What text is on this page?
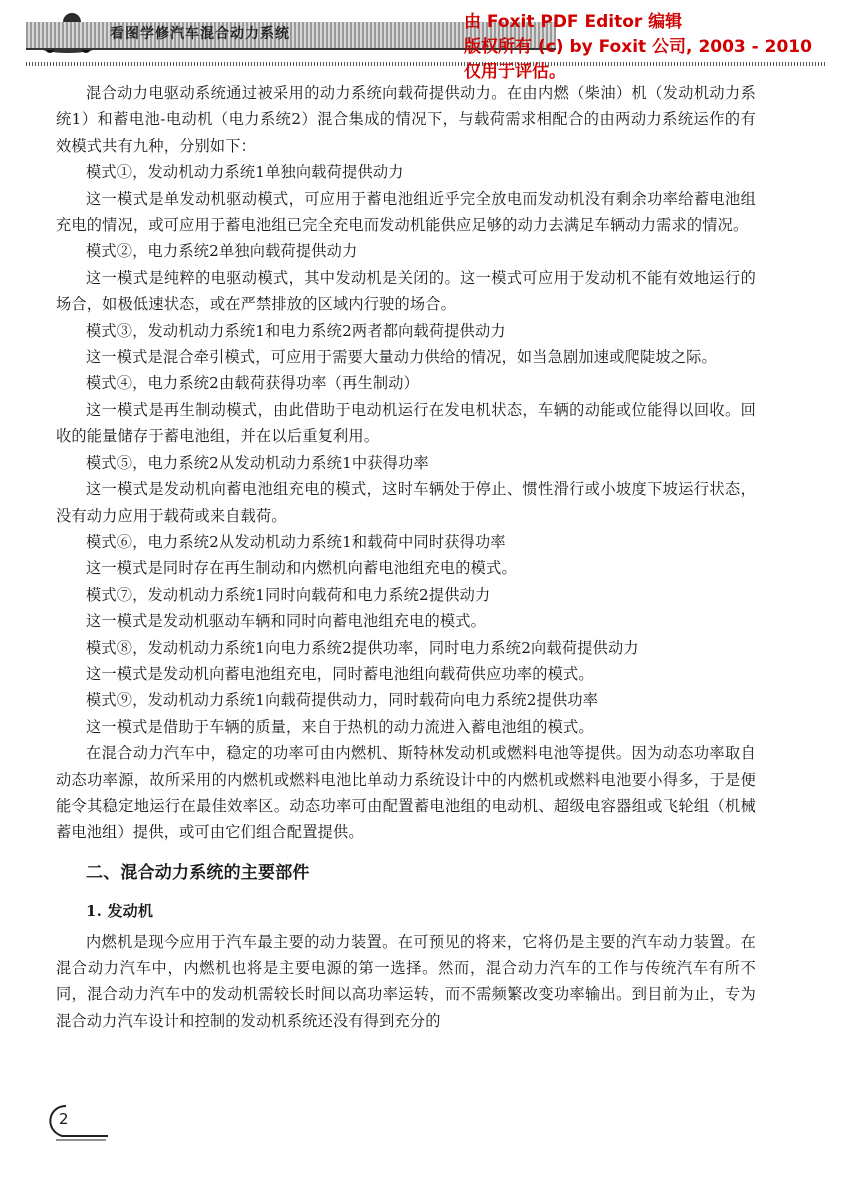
看图学修汽车混合动力系统
由 Foxit PDF Editor 编辑
版权所有 (c) by Foxit 公司, 2003 - 2010
仅用于评估。

混合动力电驱动系统通过被采用的动力系统向载荷提供动力。在由内燃（柴油）机（发动机动力系统1）和蓄电池-电动机（电力系统2）混合集成的情况下，与载荷需求相配合的由两动力系统运作的有效模式共有九种，分别如下：

模式①，发动机动力系统1单独向载荷提供动力

这一模式是单发动机驱动模式，可应用于蓄电池组近乎完全放电而发动机没有剩余功率给蓄电池组充电的情况，或可应用于蓄电池组已完全充电而发动机能供应足够的动力去满足车辆动力需求的情况。

模式②，电力系统2单独向载荷提供动力

这一模式是纯粹的电驱动模式，其中发动机是关闭的。这一模式可应用于发动机不能有效地运行的场合，如极低速状态，或在严禁排放的区域内行驶的场合。

模式③，发动机动力系统1和电力系统2两者都向载荷提供动力

这一模式是混合牵引模式，可应用于需要大量动力供给的情况，如当急剧加速或爬陡坡之际。

模式④，电力系统2由载荷获得功率（再生制动）

这一模式是再生制动模式，由此借助于电动机运行在发电机状态，车辆的动能或位能得以回收。回收的能量储存于蓄电池组，并在以后重复利用。

模式⑤，电力系统2从发动机动力系统1中获得功率

这一模式是发动机向蓄电池组充电的模式，这时车辆处于停止、惯性滑行或小坡度下坡运行状态，没有动力应用于载荷或来自载荷。

模式⑥，电力系统2从发动机动力系统1和载荷中同时获得功率

这一模式是同时存在再生制动和内燃机向蓄电池组充电的模式。

模式⑦，发动机动力系统1同时向载荷和电力系统2提供动力

这一模式是发动机驱动车辆和同时向蓄电池组充电的模式。

模式⑧，发动机动力系统1向电力系统2提供功率，同时电力系统2向载荷提供动力

这一模式是发动机向蓄电池组充电，同时蓄电池组向载荷供应功率的模式。

模式⑨，发动机动力系统1向载荷提供动力，同时载荷向电力系统2提供功率

这一模式是借助于车辆的质量，来自于热机的动力流进入蓄电池组的模式。

在混合动力汽车中，稳定的功率可由内燃机、斯特林发动机或燃料电池等提供。因为动态功率取自动态功率源，故所采用的内燃机或燃料电池比单动力系统设计中的内燃机或燃料电池要小得多，于是便能令其稳定地运行在最佳效率区。动态功率可由配置蓄电池组的电动机、超级电容器组或飞轮组（机械蓄电池组）提供，或可由它们组合配置提供。

二、混合动力系统的主要部件
1. 发动机

内燃机是现今应用于汽车最主要的动力装置。在可预见的将来，它将仍是主要的汽车动力装置。在混合动力汽车中，内燃机也将是主要电源的第一选择。然而，混合动力汽车的工作与传统汽车有所不同，混合动力汽车中的发动机需较长时间以高功率运转，而不需频繁改变功率输出。到目前为止，专为混合动力汽车设计和控制的发动机系统还没有得到充分的

2
